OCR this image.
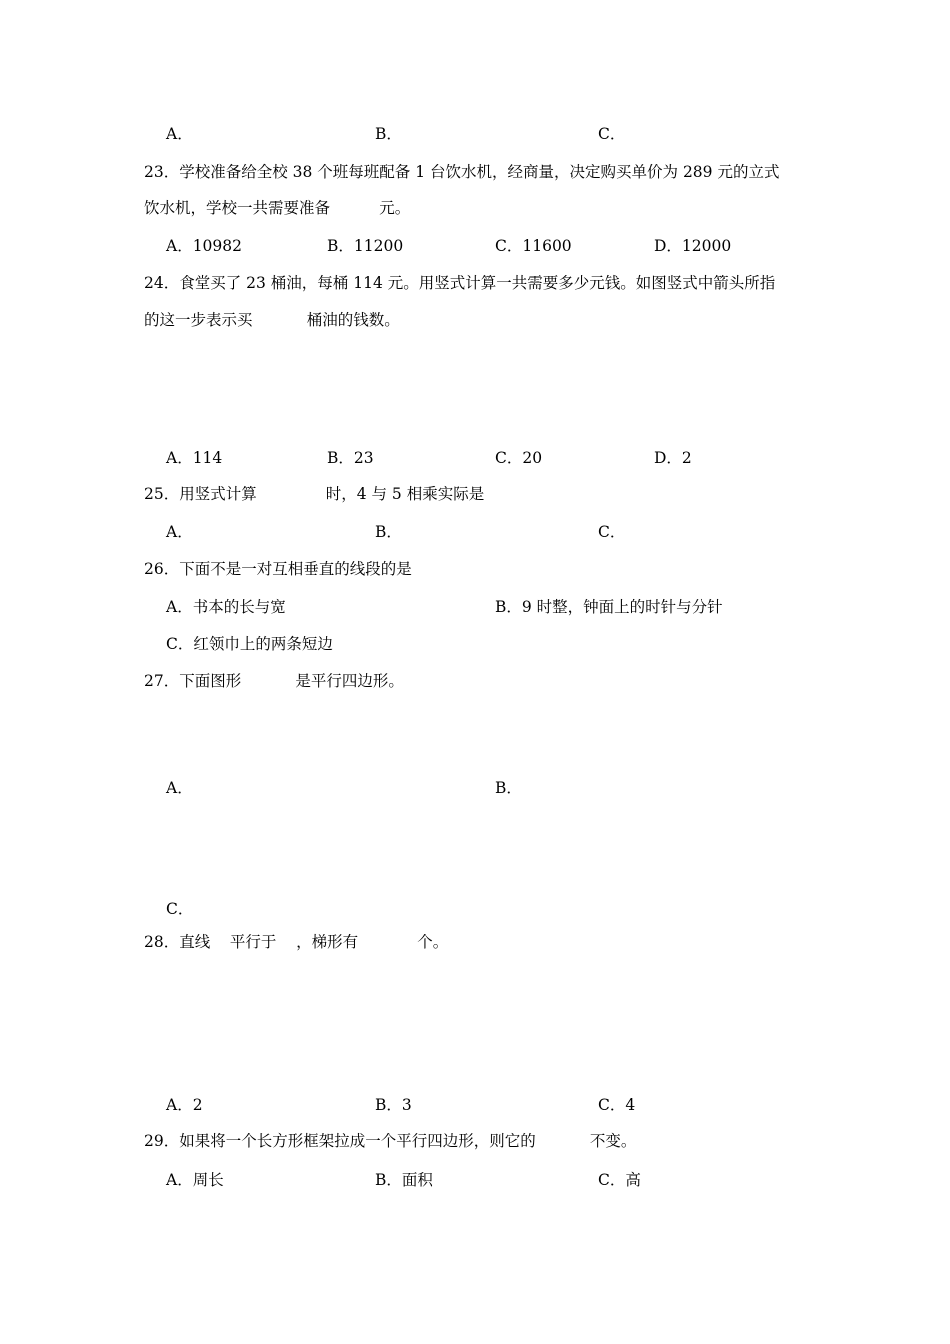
A．	B．	C．
23．学校准备给全校 38 个班每班配备 1 台饮水机，经商量，决定购买单价为 289 元的立式
饮水机，学校一共需要准备          元。
A．10982	B．11200	C．11600	D．12000
24．食堂买了 23 桶油，每桶 114 元。用竖式计算一共需要多少元钱。如图竖式中箭头所指
的这一步表示买           桶油的钱数。
A．114	B．23	C．20	D．2
25．用竖式计算              时，4 与 5 相乘实际是
A．	B．	C．
26．下面不是一对互相垂直的线段的是
A．书本的长与宽	B．9 时整，钟面上的时针与分针
C．红领巾上的两条短边
27．下面图形           是平行四边形。
A．	B．
C．
28．直线    平行于    ，梯形有            个。
A．2	B．3	C．4
29．如果将一个长方形框架拉成一个平行四边形，则它的           不变。
A．周长	B．面积	C．高
